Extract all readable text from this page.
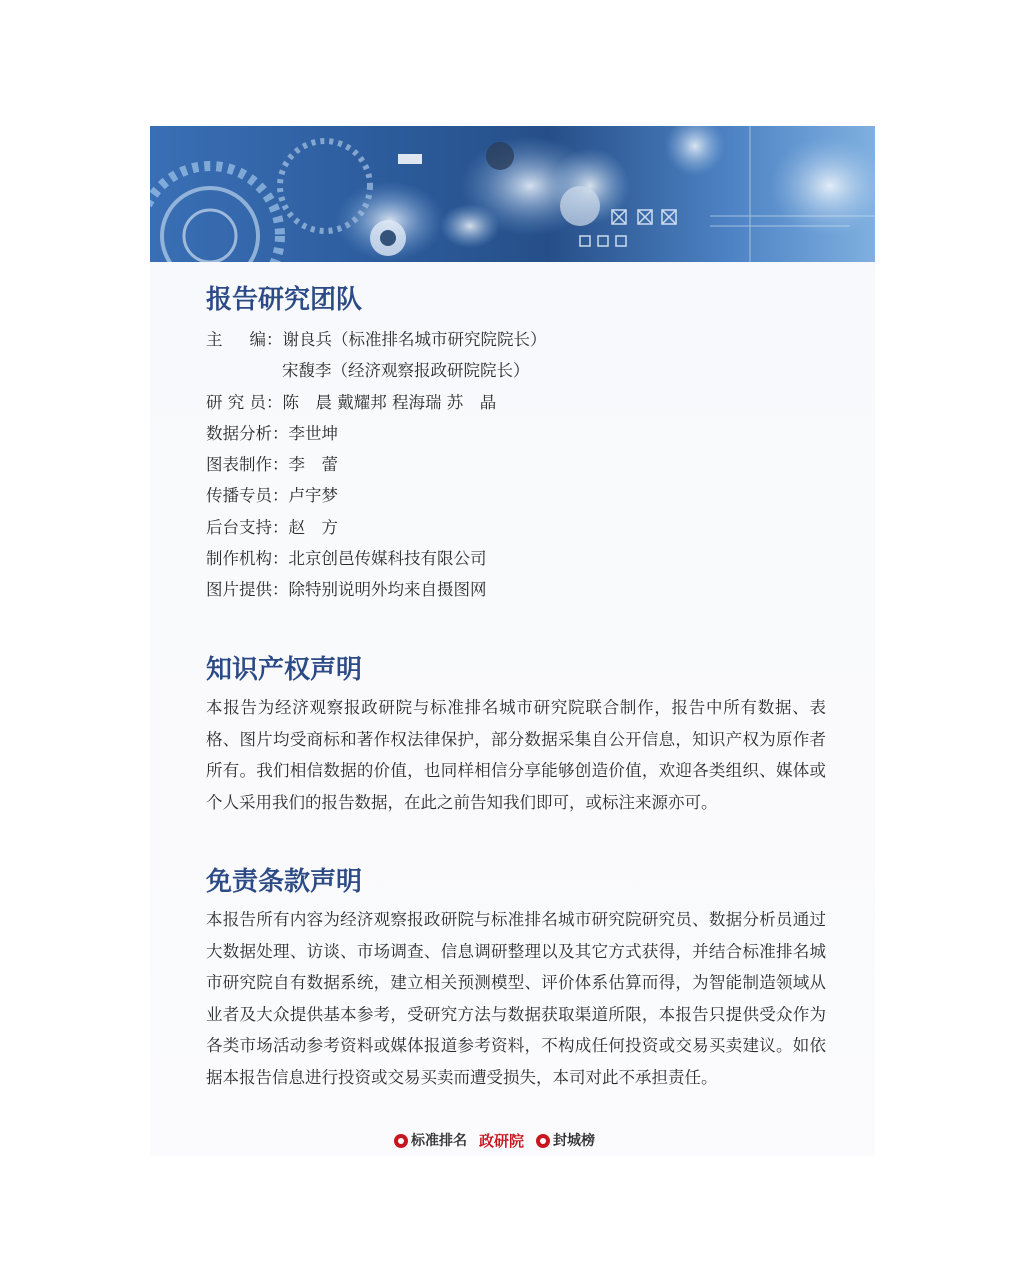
报告研究团队
主　  编：谢良兵（标准排名城市研究院院长）
宋馥李（经济观察报政研院院长）
研 究 员：陈　晨 戴耀邦 程海瑞 苏　晶
数据分析：李世坤
图表制作：李　蕾
传播专员：卢宇梦
后台支持：赵　方
制作机构：北京创邑传媒科技有限公司
图片提供：除特别说明外均来自摄图网
知识产权声明
本报告为经济观察报政研院与标准排名城市研究院联合制作，报告中所有数据、表格、图片均受商标和著作权法律保护，部分数据采集自公开信息，知识产权为原作者所有。我们相信数据的价值，也同样相信分享能够创造价值，欢迎各类组织、媒体或个人采用我们的报告数据，在此之前告知我们即可，或标注来源亦可。
免责条款声明
本报告所有内容为经济观察报政研院与标准排名城市研究院研究员、数据分析员通过大数据处理、访谈、市场调查、信息调研整理以及其它方式获得，并结合标准排名城市研究院自有数据系统，建立相关预测模型、评价体系估算而得，为智能制造领域从业者及大众提供基本参考，受研究方法与数据获取渠道所限，本报告只提供受众作为各类市场活动参考资料或媒体报道参考资料，不构成任何投资或交易买卖建议。如依据本报告信息进行投资或交易买卖而遭受损失，本司对此不承担责任。
标准排名 政研院 封城榜
